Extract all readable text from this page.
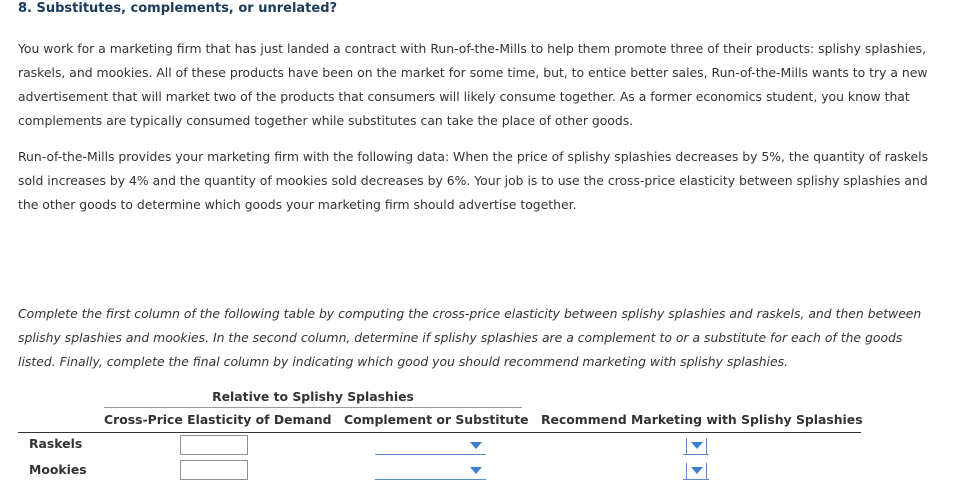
8. Substitutes, complements, or unrelated?

You work for a marketing firm that has just landed a contract with Run-of-the-Mills to help them promote three of their products: splishy splashies, raskels, and mookies. All of these products have been on the market for some time, but, to entice better sales, Run-of-the-Mills wants to try a new advertisement that will market two of the products that consumers will likely consume together. As a former economics student, you know that complements are typically consumed together while substitutes can take the place of other goods.

Run-of-the-Mills provides your marketing firm with the following data: When the price of splishy splashies decreases by 5%, the quantity of raskels sold increases by 4% and the quantity of mookies sold decreases by 6%. Your job is to use the cross-price elasticity between splishy splashies and the other goods to determine which goods your marketing firm should advertise together.

Complete the first column of the following table by computing the cross-price elasticity between splishy splashies and raskels, and then between splishy splashies and mookies. In the second column, determine if splishy splashies are a complement to or a substitute for each of the goods listed. Finally, complete the final column by indicating which good you should recommend marketing with splishy splashies.

Relative to Splishy Splashies
Cross-Price Elasticity of Demand Complement or Substitute Recommend Marketing with Splishy Splashies
Raskels
Mookies
